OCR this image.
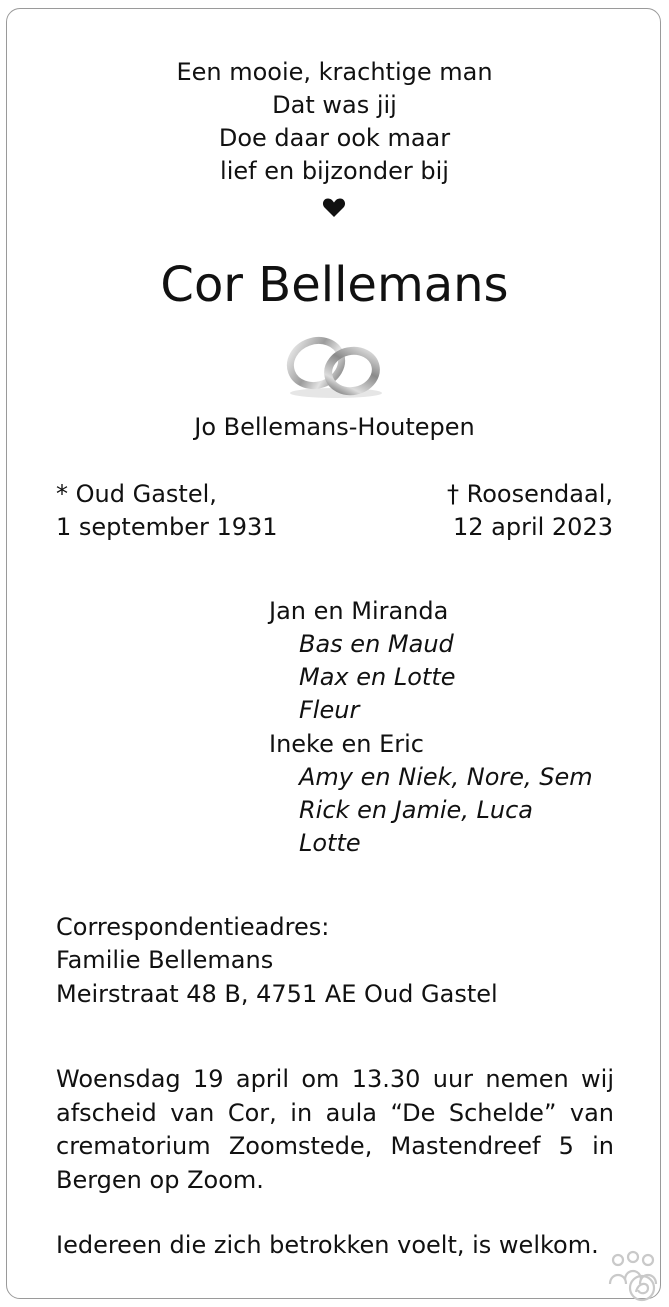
Een mooie, krachtige man
Dat was jij
Doe daar ook maar
lief en bijzonder bij
Cor Bellemans
Jo Bellemans-Houtepen
* Oud Gastel,
1 september 1931
† Roosendaal,
12 april 2023
Jan en Miranda
Bas en Maud
Max en Lotte
Fleur
Ineke en Eric
Amy en Niek, Nore, Sem
Rick en Jamie, Luca
Lotte
Correspondentieadres:
Familie Bellemans
Meirstraat 48 B, 4751 AE Oud Gastel
Woensdag 19 april om 13.30 uur nemen wij afscheid van Cor, in aula “De Schelde” van crematorium Zoomstede, Mastendreef 5 in Bergen op Zoom.
Iedereen die zich betrokken voelt, is welkom.
